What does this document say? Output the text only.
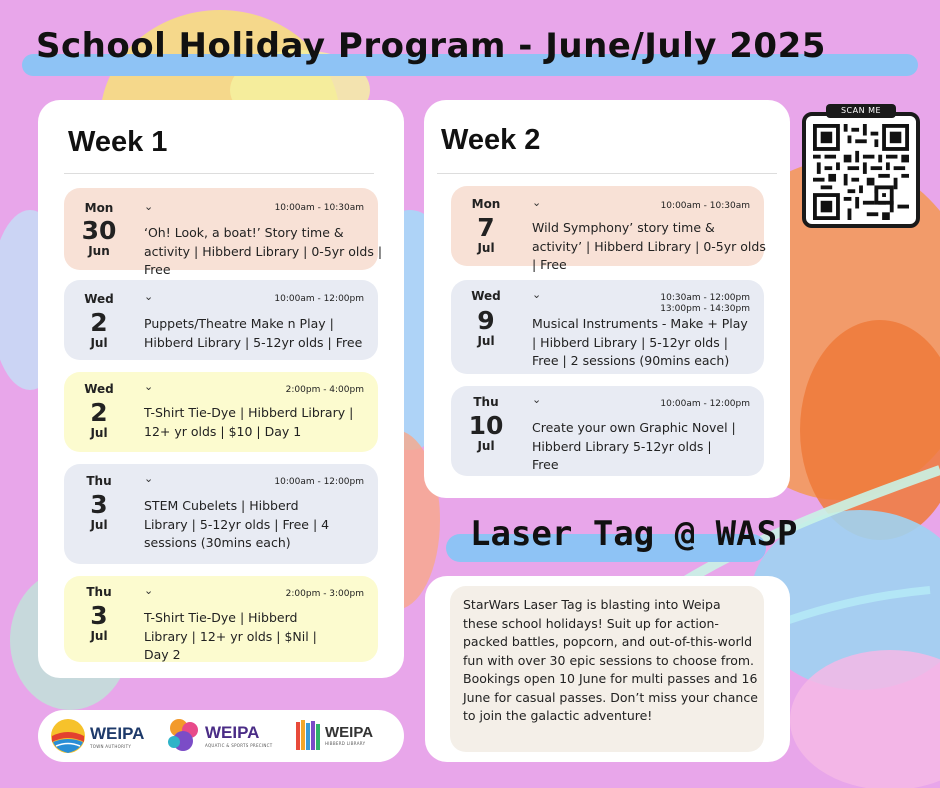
School Holiday Program - June/July 2025
Week 1
Mon
30
Jun
⌄	10:00am - 10:30am
‘Oh! Look, a boat!’ Story time & activity | Hibberd Library | 0-5yr olds | Free
Wed
2
Jul
⌄	10:00am - 12:00pm
Puppets/Theatre Make n Play | Hibberd Library | 5-12yr olds | Free
Wed
2
Jul
⌄	2:00pm - 4:00pm
T-Shirt Tie-Dye | Hibberd Library | 12+ yr olds | $10 | Day 1
Thu
3
Jul
⌄	10:00am - 12:00pm
STEM Cubelets | Hibberd Library | 5-12yr olds | Free | 4 sessions (30mins each)
Thu
3
Jul
⌄	2:00pm - 3:00pm
T-Shirt Tie-Dye | Hibberd Library | 12+ yr olds | $Nil | Day 2
Week 2
Mon
7
Jul
⌄	10:00am - 10:30am
Wild Symphony’ story time & activity’ | Hibberd Library | 0-5yr olds | Free
Wed
9
Jul
⌄	10:30am - 12:00pm
13:00pm - 14:30pm
Musical Instruments - Make + Play | Hibberd Library | 5-12yr olds | Free | 2 sessions (90mins each)
Thu
10
Jul
⌄	10:00am - 12:00pm
Create your own Graphic Novel | Hibberd Library 5-12yr olds | Free
SCAN ME
Laser Tag @ WASP
StarWars Laser Tag is blasting into Weipa these school holidays! Suit up for action-packed battles, popcorn, and out-of-this-world fun with over 30 epic sessions to choose from. Bookings open 10 June for multi passes and 16 June for casual passes. Don’t miss your chance to join the galactic adventure!
WEIPA
TOWN AUTHORITY
WEIPA
AQUATIC & SPORTS PRECINCT
WEIPA
HIBBERD LIBRARY
